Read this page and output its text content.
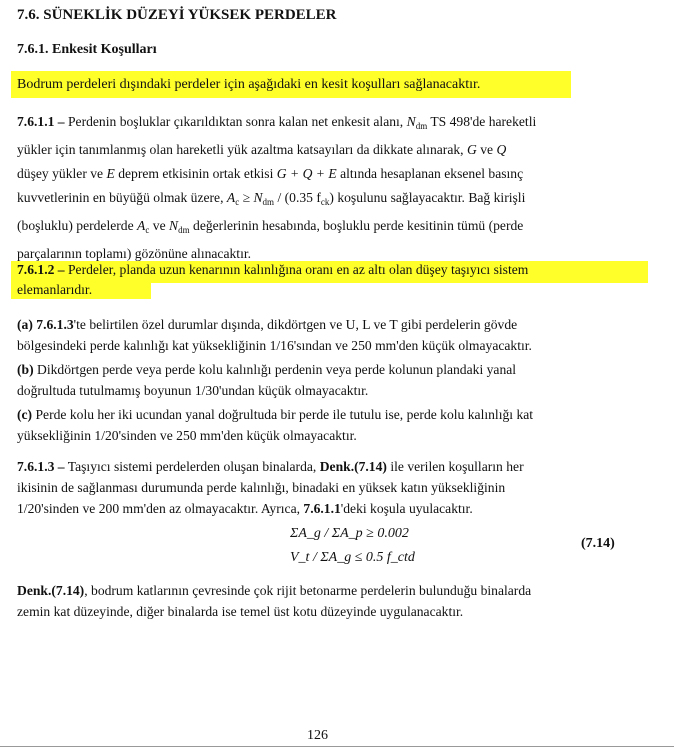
7.6. SÜNEKLİK DÜZEYİ YÜKSEK PERDELER
7.6.1. Enkesit Koşulları
Bodrum perdeleri dışındaki perdeler için aşağıdaki en kesit koşulları sağlanacaktır.
7.6.1.1 – Perdenin boşluklar çıkarıldıktan sonra kalan net enkesit alanı, $N_{dm}$ TS 498'de hareketli
yükler için tanımlanmış olan hareketli yük azaltma katsayıları da dikkate alınarak, G ve Q
düşey yükler ve E deprem etkisinin ortak etkisi G + Q + E altında hesaplanan eksenel basınç
kuvvetlerinin en büyüğü olmak üzere, $A_c \ge N_{dm} / (0.35$ $f_{ck}$) koşulunu sağlayacaktır. Bağ kirişli
(boşluklu) perdelerde $A_c$ ve $N_{dm}$ değerlerinin hesabında, boşluklu perde kesitinin tümü (perde
parçalarının toplamı) gözönüne alınacaktır.
7.6.1.2 – Perdeler, planda uzun kenarının kalınlığına oranı en az altı olan düşey taşıyıcı sistem
elemanlarıdır.
(a) 7.6.1.3'te belirtilen özel durumlar dışında, dikdörtgen ve U, L ve T gibi perdelerin gövde
bölgesindeki perde kalınlığı kat yüksekliğinin 1/16'sından ve 250 mm'den küçük olmayacaktır.
(b) Dikdörtgen perde veya perde kolu kalınlığı perdenin veya perde kolunun plandaki yanal
doğrultuda tutulmamış boyunun 1/30'undan küçük olmayacaktır.
(c) Perde kolu her iki ucundan yanal doğrultuda bir perde ile tutulu ise, perde kolu kalınlığı kat
yüksekliğinin 1/20'sinden ve 250 mm'den küçük olmayacaktır.
7.6.1.3 – Taşıyıcı sistemi perdelerden oluşan binalarda, Denk.(7.14) ile verilen koşulların her
ikisinin de sağlanması durumunda perde kalınlığı, binadaki en yüksek katın yüksekliğinin
1/20'sinden ve 200 mm'den az olmayacaktır. Ayrıca, 7.6.1.1'deki koşula uyulacaktır.
ΣA_g / ΣA_p ≥ 0.002
V_t / ΣA_g ≤ 0.5 f_ctd
(7.14)
Denk.(7.14), bodrum katlarının çevresinde çok rijit betonarme perdelerin bulunduğu binalarda
zemin kat düzeyinde, diğer binalarda ise temel üst kotu düzeyinde uygulanacaktır.
126
